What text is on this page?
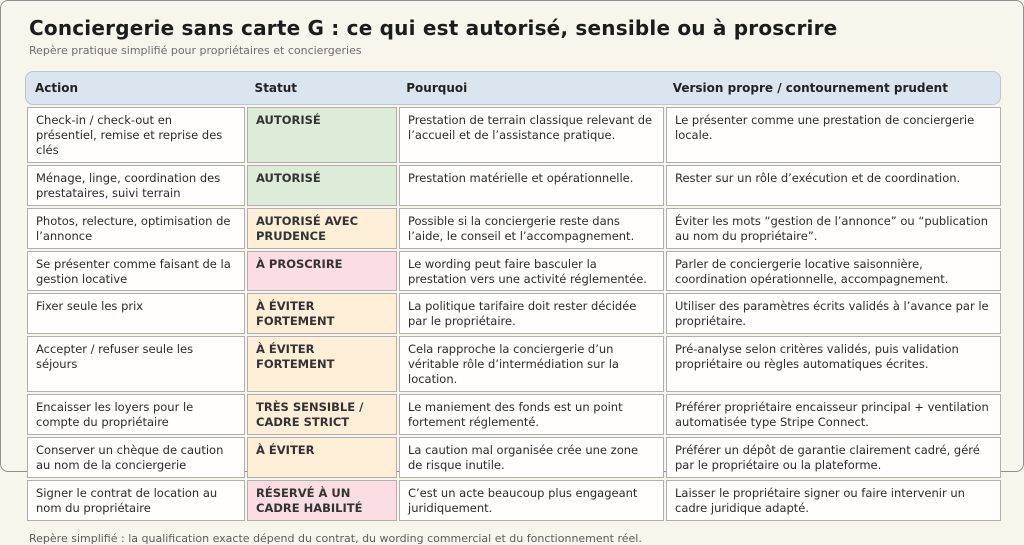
Conciergerie sans carte G : ce qui est autorisé, sensible ou à proscrire

Repère pratique simplifié pour propriétaires et conciergeries

Action	Statut	Pourquoi	Version propre / contournement prudent
Check-in / check-out en présentiel, remise et reprise des clés	AUTORISÉ	Prestation de terrain classique relevant de l’accueil et de l’assistance pratique.	Le présenter comme une prestation de conciergerie locale.
Ménage, linge, coordination des prestataires, suivi terrain	AUTORISÉ	Prestation matérielle et opérationnelle.	Rester sur un rôle d’exécution et de coordination.
Photos, relecture, optimisation de l’annonce	AUTORISÉ AVEC PRUDENCE	Possible si la conciergerie reste dans l’aide, le conseil et l’accompagnement.	Éviter les mots “gestion de l’annonce” ou “publication au nom du propriétaire”.
Se présenter comme faisant de la gestion locative	À PROSCRIRE	Le wording peut faire basculer la prestation vers une activité réglementée.	Parler de conciergerie locative saisonnière, coordination opérationnelle, accompagnement.
Fixer seule les prix	À ÉVITER FORTEMENT	La politique tarifaire doit rester décidée par le propriétaire.	Utiliser des paramètres écrits validés à l’avance par le propriétaire.
Accepter / refuser seule les séjours	À ÉVITER FORTEMENT	Cela rapproche la conciergerie d’un véritable rôle d’intermédiation sur la location.	Pré-analyse selon critères validés, puis validation propriétaire ou règles automatiques écrites.
Encaisser les loyers pour le compte du propriétaire	TRÈS SENSIBLE / CADRE STRICT	Le maniement des fonds est un point fortement réglementé.	Préférer propriétaire encaisseur principal + ventilation automatisée type Stripe Connect.
Conserver un chèque de caution au nom de la conciergerie	À ÉVITER	La caution mal organisée crée une zone de risque inutile.	Préférer un dépôt de garantie clairement cadré, géré par le propriétaire ou la plateforme.
Signer le contrat de location au nom du propriétaire	RÉSERVÉ À UN CADRE HABILITÉ	C’est un acte beaucoup plus engageant juridiquement.	Laisser le propriétaire signer ou faire intervenir un cadre juridique adapté.

Repère simplifié : la qualification exacte dépend du contrat, du wording commercial et du fonctionnement réel.
